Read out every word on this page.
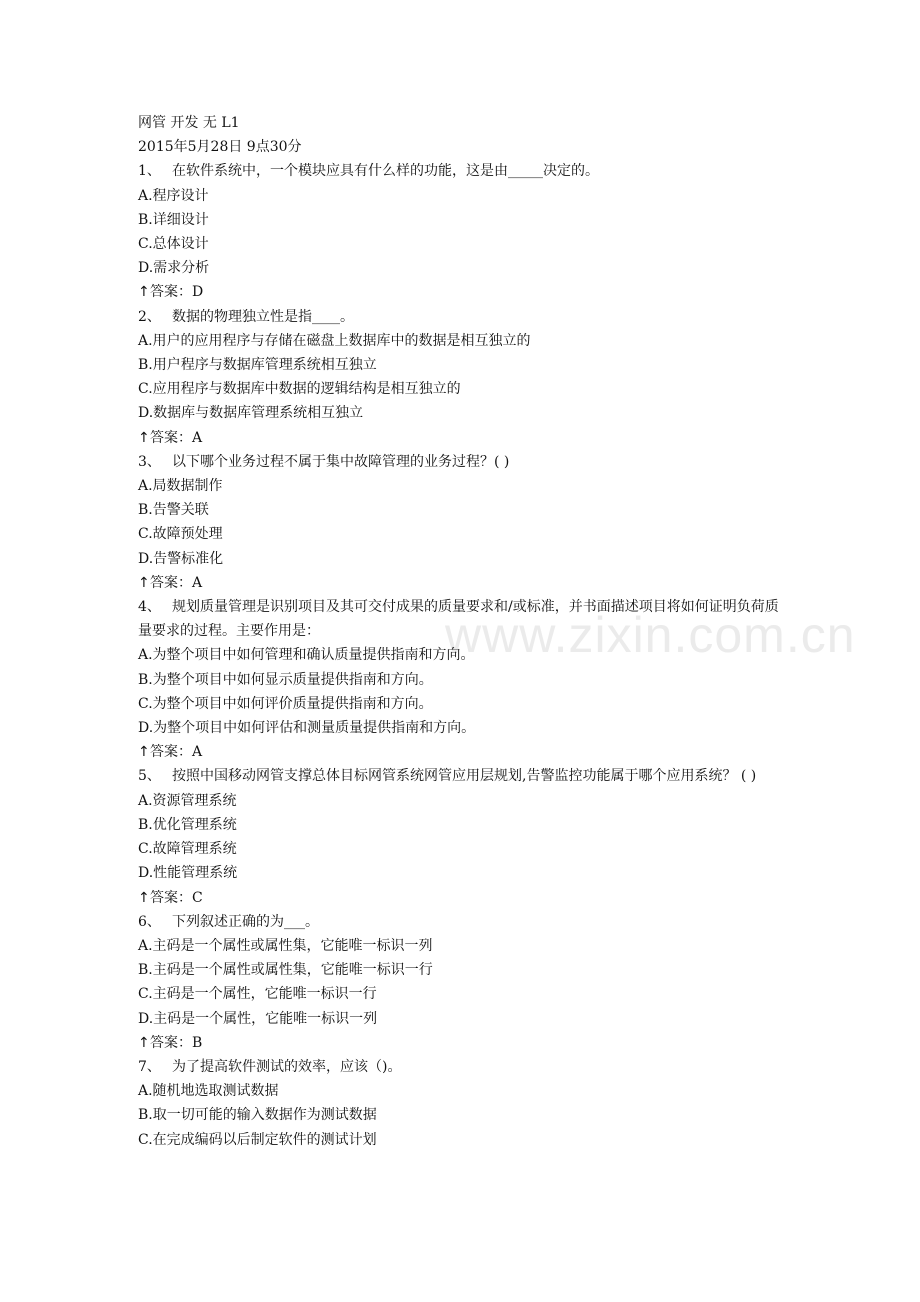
www.zixin.com.cn
网管 开发 无 L1
2015年5月28日 9点30分
1、 在软件系统中，一个模块应具有什么样的功能，这是由_____决定的。
A.程序设计
B.详细设计
C.总体设计
D.需求分析
↑答案：D
2、 数据的物理独立性是指____。
A.用户的应用程序与存储在磁盘上数据库中的数据是相互独立的
B.用户程序与数据库管理系统相互独立
C.应用程序与数据库中数据的逻辑结构是相互独立的
D.数据库与数据库管理系统相互独立
↑答案：A
3、 以下哪个业务过程不属于集中故障管理的业务过程？( )
A.局数据制作
B.告警关联
C.故障预处理
D.告警标准化
↑答案：A
4、 规划质量管理是识别项目及其可交付成果的质量要求和/或标准，并书面描述项目将如何证明负荷质量要求的过程。主要作用是：
A.为整个项目中如何管理和确认质量提供指南和方向。
B.为整个项目中如何显示质量提供指南和方向。
C.为整个项目中如何评价质量提供指南和方向。
D.为整个项目中如何评估和测量质量提供指南和方向。
↑答案：A
5、 按照中国移动网管支撑总体目标网管系统网管应用层规划,告警监控功能属于哪个应用系统？ ( )
A.资源管理系统
B.优化管理系统
C.故障管理系统
D.性能管理系统
↑答案：C
6、 下列叙述正确的为___。
A.主码是一个属性或属性集，它能唯一标识一列
B.主码是一个属性或属性集，它能唯一标识一行
C.主码是一个属性，它能唯一标识一行
D.主码是一个属性，它能唯一标识一列
↑答案：B
7、 为了提高软件测试的效率，应该（)。
A.随机地选取测试数据
B.取一切可能的输入数据作为测试数据
C.在完成编码以后制定软件的测试计划
